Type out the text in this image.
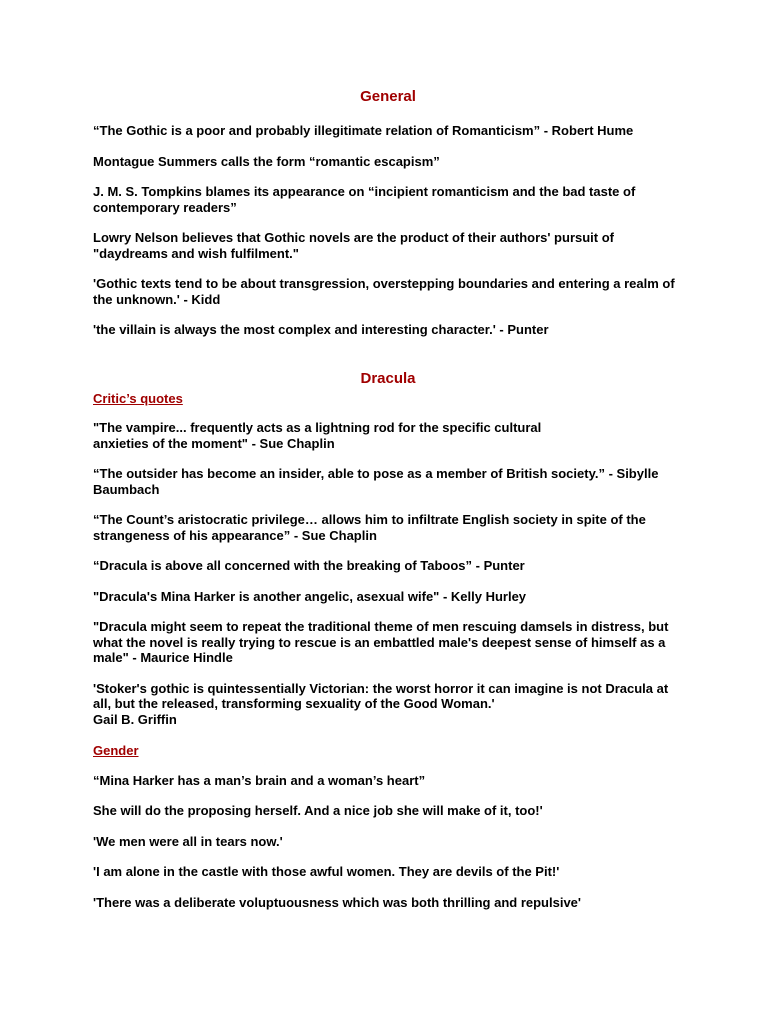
General

“The Gothic is a poor and probably illegitimate relation of Romanticism” - Robert Hume

Montague Summers calls the form “romantic escapism”

J. M. S. Tompkins blames its appearance on “incipient romanticism and the bad taste of contemporary readers”

Lowry Nelson believes that Gothic novels are the product of their authors' pursuit of "daydreams and wish fulfilment."

'Gothic texts tend to be about transgression, overstepping boundaries and entering a realm of the unknown.' - Kidd

'the villain is always the most complex and interesting character.' - Punter

Dracula
Critic’s quotes

"The vampire... frequently acts as a lightning rod for the specific cultural anxieties of the moment" - Sue Chaplin

“The outsider has become an insider, able to pose as a member of British society.” - Sibylle Baumbach

“The Count’s aristocratic privilege… allows him to infiltrate English society in spite of the strangeness of his appearance” - Sue Chaplin

“Dracula is above all concerned with the breaking of Taboos” - Punter

"Dracula's Mina Harker is another angelic, asexual wife" - Kelly Hurley

"Dracula might seem to repeat the traditional theme of men rescuing damsels in distress, but what the novel is really trying to rescue is an embattled male's deepest sense of himself as a male" - Maurice Hindle

'Stoker's gothic is quintessentially Victorian: the worst horror it can imagine is not Dracula at all, but the released, transforming sexuality of the Good Woman.'
Gail B. Griffin

Gender

“Mina Harker has a man’s brain and a woman’s heart”

She will do the proposing herself. And a nice job she will make of it, too!'

'We men were all in tears now.'

'I am alone in the castle with those awful women. They are devils of the Pit!'

'There was a deliberate voluptuousness which was both thrilling and repulsive'
